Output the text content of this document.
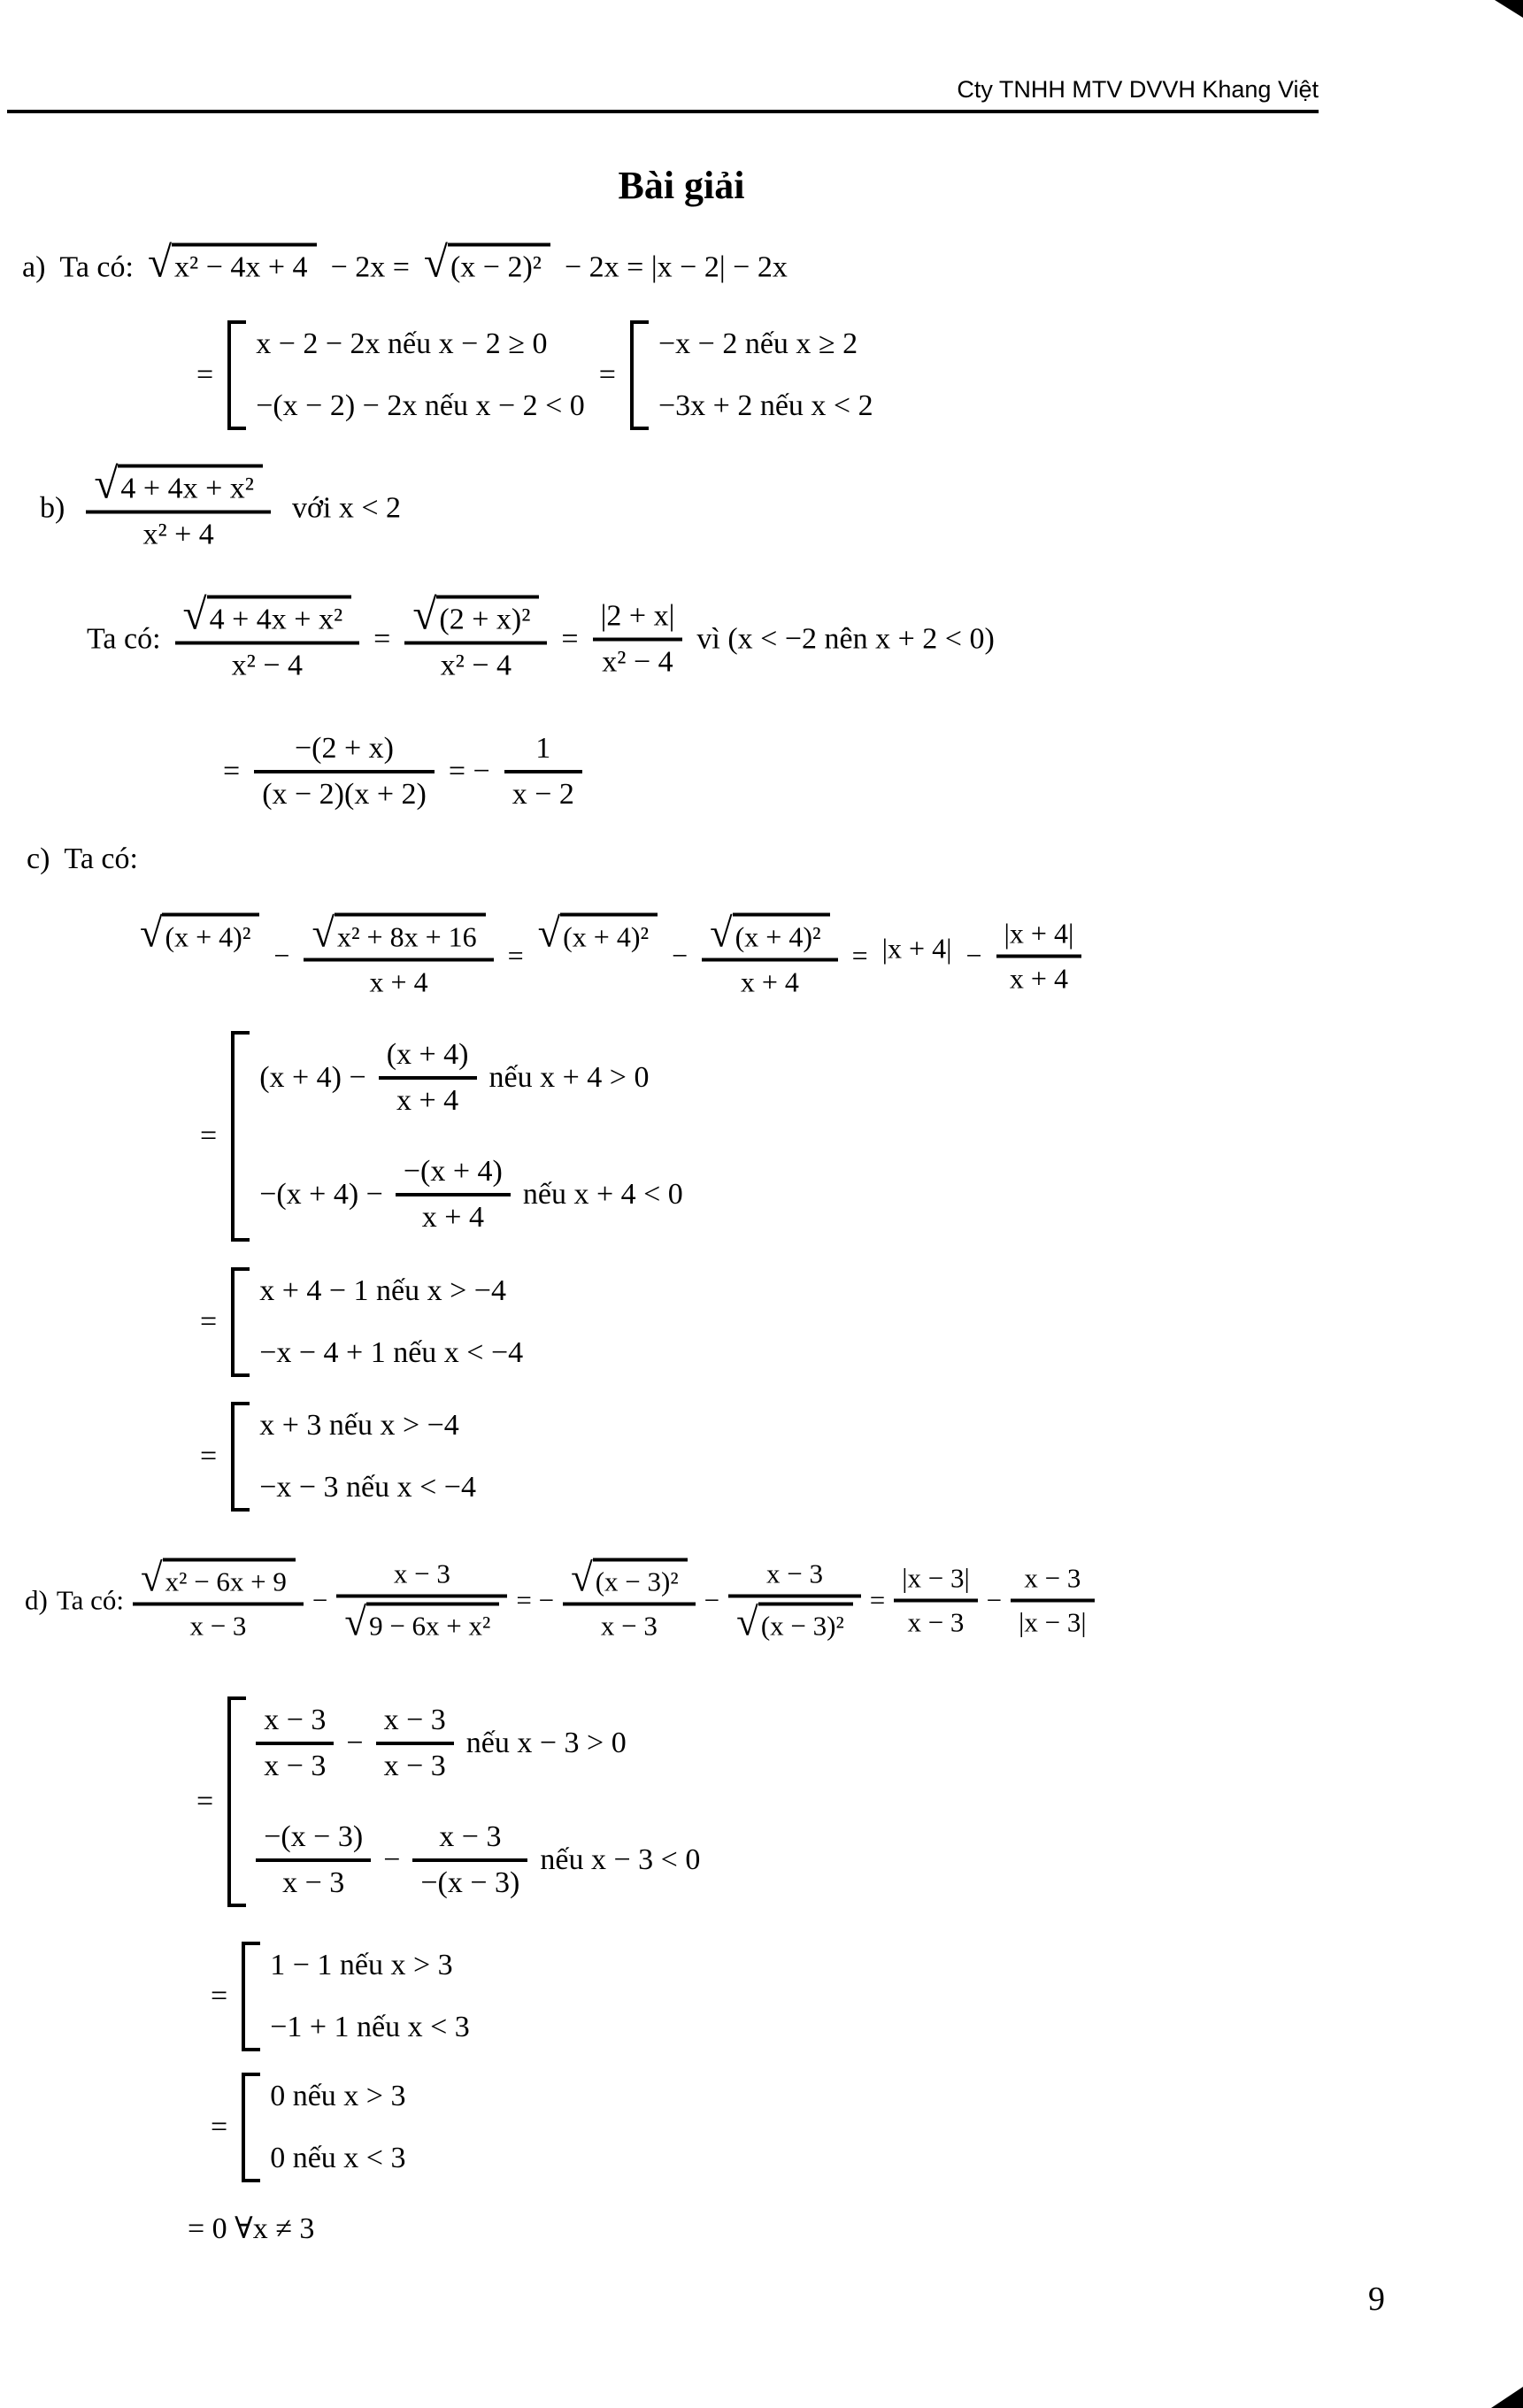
Cty TNHH MTV DVVH Khang Việt
Bài giải
a) Ta có: √ x² − 4x + 4 − 2x = √ (x − 2)² − 2x = |x − 2| − 2x
=
x − 2 − 2x nếu x − 2 ≥ 0
−(x − 2) − 2x nếu x − 2 < 0
=
−x − 2 nếu x ≥ 2
−3x + 2 nếu x < 2
$b) \frac{\text{√ 4 + 4x + x²}}{\text{x² + 4}}$ với x < 2
Ta có: $\frac{\text{√ 4 + 4x + x²}}{\text{x² − 4}} = \frac{\text{√ (2 + x)²}}{\text{x² − 4}} = \frac{|2 + x|}{\text{x² − 4}}$ vì (x < −2 nên x + 2 < 0)
= $\frac{-(2 + x)}{(x - 2)(x + 2)}$ = − $\frac{1}{x - 2}$
c) Ta có:
√ (x + 4)²
− $\frac{\text{√ x² + 8x + 16}}{x + 4}$ = √ (x + 4)²
− $\frac{\text{√ (x + 4)²}}{x + 4} = |x + 4| - \frac{|x + 4|}{x + 4}$
=
$(x + 4) - \frac{(x + 4)}{x + 4}$ nếu x + 4 > 0
$-(x + 4) - \frac{-(x + 4)}{x + 4}$ nếu x + 4 < 0
=
x + 4 − 1 nếu x > −4
−x − 4 + 1 nếu x < −4
=
x + 3 nếu x > −4
−x − 3 nếu x < −4
d) Ta có: $\frac{\text{√ x² − 6x + 9}}{x - 3} - \frac{x - 3}{\text{√ 9 − 6x + x²}}$ = − $\frac{\text{√ (x − 3)²}}{x - 3} - \frac{x - 3}{\text{√ (x − 3)²}} = \frac{|x - 3|}{x - 3} - \frac{x - 3}{|x - 3|}$
=
$\frac{x - 3}{x - 3} - \frac{x - 3}{x - 3}$ nếu x − 3 > 0
$\frac{-(x - 3)}{x - 3} - \frac{x - 3}{-(x - 3)}$ nếu x − 3 < 0
=
1 − 1 nếu x > 3
−1 + 1 nếu x < 3
=
0 nếu x > 3
0 nếu x < 3
= 0 ∀x ≠ 3
9
